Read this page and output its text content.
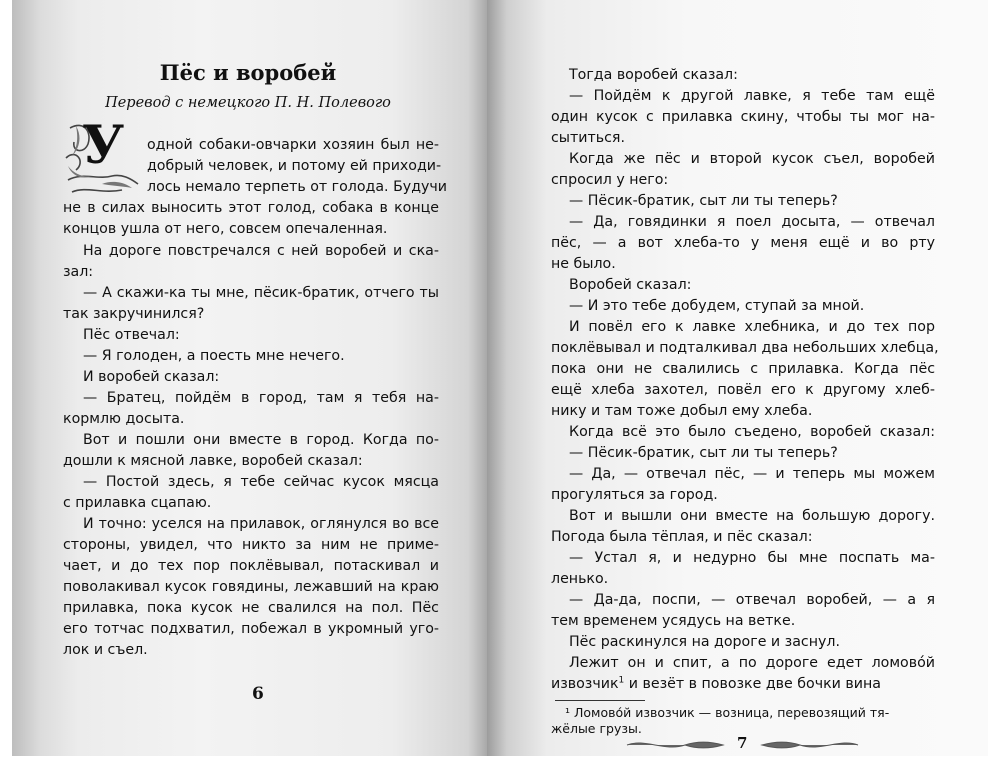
Пёс и воробей
Перевод с немецкого П. Н. Полевого
У одной собаки-овчарки хозяин был не-
добрый человек, и потому ей приходи-
лось немало терпеть от голода. Будучи
не в силах выносить этот голод, собака в конце
концов ушла от него, совсем опечаленная.
На дороге повстречался с ней воробей и ска-
зал:
— А скажи-ка ты мне, пёсик-братик, отчего ты
так закручинился?
Пёс отвечал:
— Я голоден, а поесть мне нечего.
И воробей сказал:
— Братец, пойдём в город, там я тебя на-
кормлю досыта.
Вот и пошли они вместе в город. Когда по-
дошли к мясной лавке, воробей сказал:
— Постой здесь, я тебе сейчас кусок мясца
с прилавка сцапаю.
И точно: уселся на прилавок, оглянулся во все
стороны, увидел, что никто за ним не приме-
чает, и до тех пор поклёвывал, потаскивал и
поволакивал кусок говядины, лежавший на краю
прилавка, пока кусок не свалился на пол. Пёс
его тотчас подхватил, побежал в укромный уго-
лок и съел.
6
Тогда воробей сказал:
— Пойдём к другой лавке, я тебе там ещё
один кусок с прилавка скину, чтобы ты мог на-
сытиться.
Когда же пёс и второй кусок съел, воробей
спросил у него:
— Пёсик-братик, сыт ли ты теперь?
— Да, говядинки я поел досыта, — отвечал
пёс, — а вот хлеба-то у меня ещё и во рту
не было.
Воробей сказал:
— И это тебе добудем, ступай за мной.
И повёл его к лавке хлебника, и до тех пор
поклёвывал и подталкивал два небольших хлебца,
пока они не свалились с прилавка. Когда пёс
ещё хлеба захотел, повёл его к другому хлеб-
нику и там тоже добыл ему хлеба.
Когда всё это было съедено, воробей сказал:
— Пёсик-братик, сыт ли ты теперь?
— Да, — отвечал пёс, — и теперь мы можем
прогуляться за город.
Вот и вышли они вместе на большую дорогу.
Погода была тёплая, и пёс сказал:
— Устал я, и недурно бы мне поспать ма-
ленько.
— Да-да, поспи, — отвечал воробей, — а я
тем временем усядусь на ветке.
Пёс раскинулся на дороге и заснул.
Лежит он и спит, а по дороге едет ломово́й
извозчик$^1$ и везёт в повозке две бочки вина
¹ Ломово́й извозчик — возница, перевозящий тя-
жёлые грузы.
7
